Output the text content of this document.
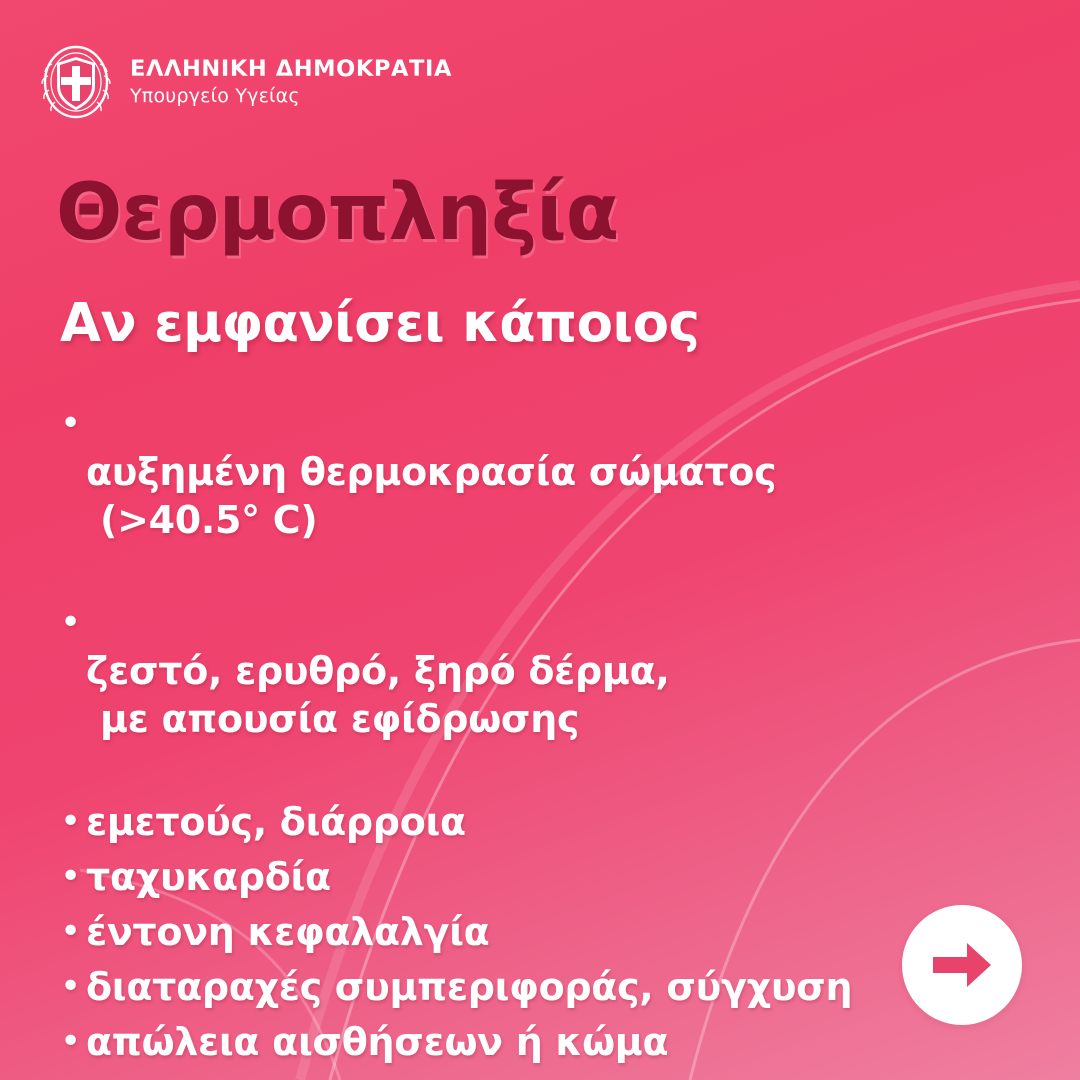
ΕΛΛΗΝΙΚΗ ΔΗΜΟΚΡΑΤΙΑ
Υπουργείο Υγείας
Θερμοπληξία
Αν εμφανίσει κάποιος
•

αυξημένη θερμοκρασία σώματος

(>40.5° C)

•

ζεστό, ερυθρό, ξηρό δέρμα,

με απουσία εφίδρωσης

• εμετούς, διάρροια
• ταχυκαρδία
• έντονη κεφαλαλγία
• διαταραχές συμπεριφοράς, σύγχυση
• απώλεια αισθήσεων ή κώμα
